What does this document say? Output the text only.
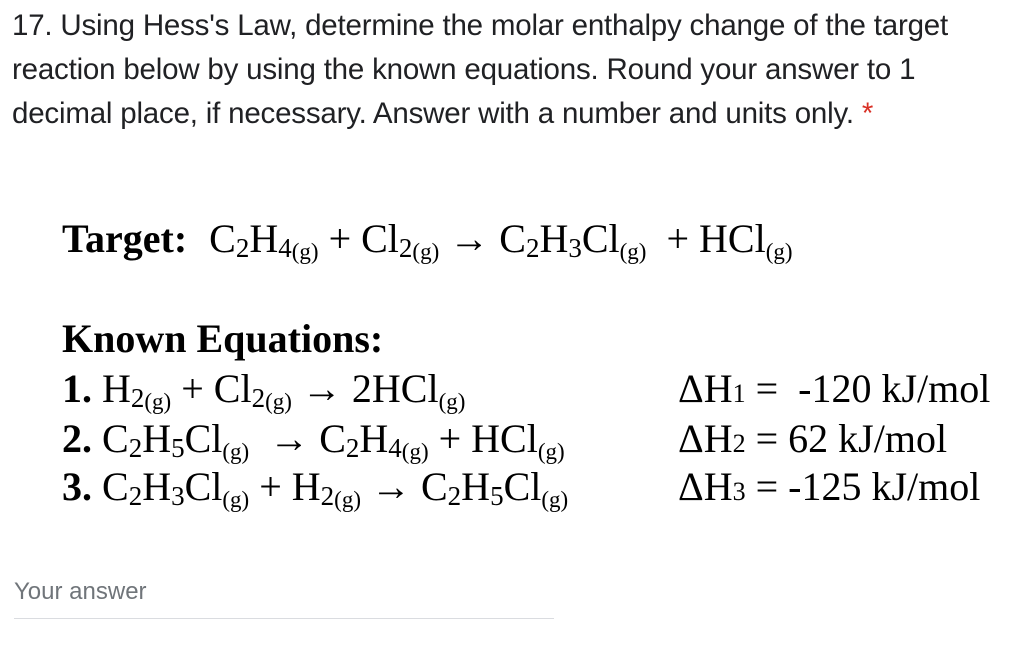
17. Using Hess's Law, determine the molar enthalpy change of the target reaction below by using the known equations. Round your answer to 1 decimal place, if necessary. Answer with a number and units only. *
Target: C2H4(g) + Cl2(g) → C2H3Cl(g)  + HCl(g)
Known Equations:
1. H2(g) + Cl2(g) → 2HCl(g)	ΔH1 =  -120 kJ/mol
2. C2H5Cl(g)  → C2H4(g) + HCl(g)	ΔH2 = 62 kJ/mol
3. C2H3Cl(g) + H2(g) → C2H5Cl(g)	ΔH3 = -125 kJ/mol
Your answer
